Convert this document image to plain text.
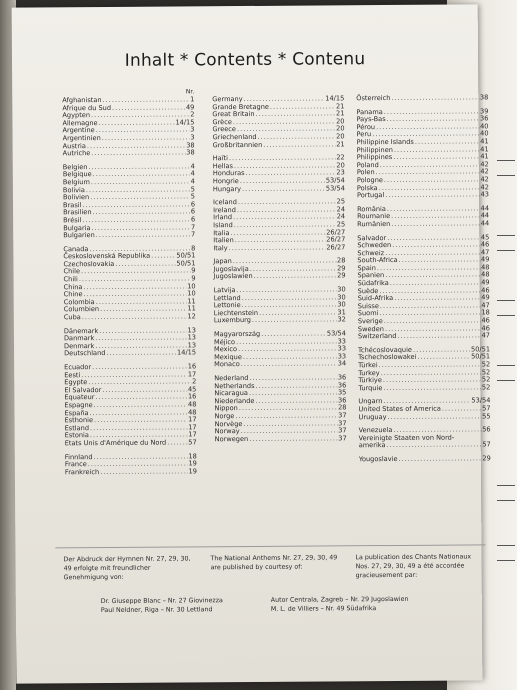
Inhalt * Contents * Contenu
Nr.
Afghanistan .....	1
Afrique du Sud .....	49
Agypten .....	2
Allemagne .....	14/15
Argentine .....	3
Argentinien .....	3
Austria .....	38
Autriche .....	38
Belgien .....	4
Belgique .....	4
Belgium .....	4
Bolivia .....	5
Bolivien .....	5
Brasil .....	6
Brasilien .....	6
Brésil .....	6
Bulgaria .....	7
Bulgarien .....	7
Canada .....	8
Československá Republika .....	50/51
Czechoslovakia .....	50/51
Chile .....	9
Chili .....	9
China .....	10
Chine .....	10
Colombia .....	11
Columbien .....	11
Cuba .....	12
Dänemark .....	13
Danmark .....	13
Denmark .....	13
Deutschland .....	14/15
Ecuador .....	16
Eesti .....	17
Egypte .....	2
El Salvador .....	45
Equateur .....	16
Espagne .....	48
España .....	48
Esthonie .....	17
Estland .....	17
Estonia .....	17
Etats Unis d'Amérique du Nord .....	57
Finnland .....	18
France .....	19
Frankreich .....	19
Germany .....	14/15
Grande Bretagne .....	21
Great Britain .....	21
Grèce .....	20
Greece .....	20
Griechenland .....	20
Großbritannien .....	21
Haïti .....	22
Hellas .....	20
Honduras .....	23
Hongrie .....	53/54
Hungary .....	53/54
Iceland .....	25
Ireland .....	24
Irland .....	24
Island .....	25
Italia .....	26/27
Italien .....	26/27
Italy .....	26/27
Japan .....	28
Jugoslavija .....	29
Jugoslawien .....	29
Latvija .....	30
Lettland .....	30
Lettonie .....	30
Liechtenstein .....	31
Luxemburg .....	32
Magyarország .....	53/54
Méjico .....	33
Mexico .....	33
Mexique .....	33
Monaco .....	34
Nederland .....	36
Netherlands .....	36
Nicaragua .....	35
Niederlande .....	36
Nippon .....	28
Norge .....	37
Norvège .....	37
Norway .....	37
Norwegen .....	37
Österreich .....	38
Panama .....	39
Pays-Bas .....	36
Pérou .....	40
Peru .....	40
Philippine Islands .....	41
Philippinen .....	41
Philippines .....	41
Poland .....	42
Polen .....	42
Pologne .....	42
Polska .....	42
Portugal .....	43
România .....	44
Roumanie .....	44
Rumänien .....	44
Salvador .....	45
Schweden .....	46
Schweiz .....	47
South-Africa .....	49
Spain .....	48
Spanien .....	48
Südafrika .....	49
Suède .....	46
Suid-Afrika .....	49
Suisse .....	47
Suomi .....	18
Sverige .....	46
Sweden .....	46
Switzerland .....	47
Tchécoslovaquie .....	50/51
Tschechoslowakei .....	50/51
Türkei .....	52
Turkey .....	52
Türkiye .....	52
Turquie .....	52
Ungarn .....	53/54
United States of America .....	57
Uruguay .....	55
Venezuela .....	56
Vereinigte Staaten von Nord-
amerika .....	57
Yougoslavie .....	29
Der Abdruck der Hymnen Nr. 27, 29, 30, 49 erfolgte mit freundlicher Genehmigung von:
The National Anthems Nr. 27, 29, 30, 49 are published by courtesy of:
La publication des Chants Nationaux Nos. 27, 29, 30, 49 a été accordée gracieusement par:
Dr. Giuseppe Blanc – Nr. 27 Giovinezza
Paul Neldner, Riga – Nr. 30 Lettland
Autor Centrala, Zagreb – Nr. 29 Jugoslawien
M. L. de Villiers – Nr. 49 Südafrika
